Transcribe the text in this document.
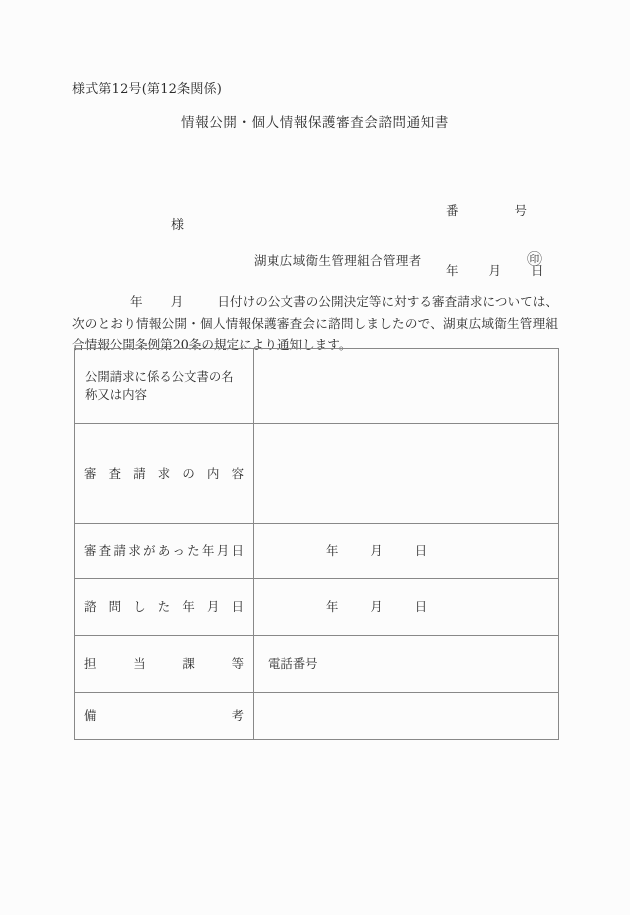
様式第12号(第12条関係)
情報公開・個人情報保護審査会諮問通知書

番	号

年 月 日

様
湖東広域衛生管理組合管理者	㊞
年 月	日付けの公文書の公開決定等に対する審査請求については、次のとおり情報公開・個人情報保護審査会に諮問しましたので、湖東広域衛生管理組合情報公開条例第20条の規定により通知します。
公開請求に係る公文書の名称又は内容	

審査請求の内容	

審査請求があった年月日	年 月 日

諮問した年月日	年 月 日

担当課等	電話番号

備考	
